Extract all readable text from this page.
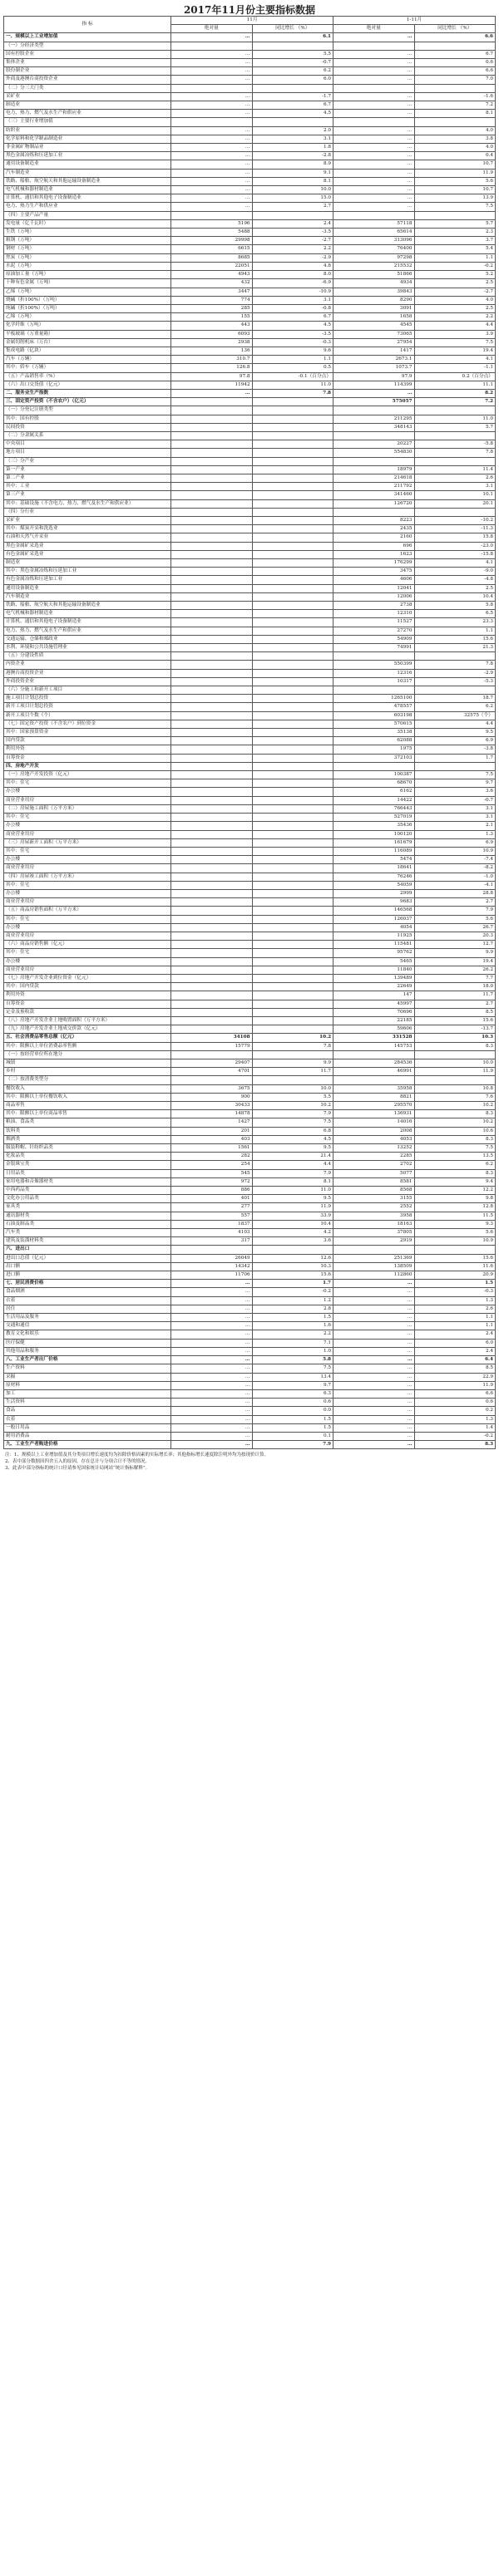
2017年11月份主要指标数据
指 标	11月		1-11月	
	绝对量	同比增长 （%）	绝对量	同比增长 （%）
一、规模以上工业增加值	…	6.1	…	6.6
（一）分经济类型				
国有控股企业	…	5.5	…	6.7
集体企业	…	-0.7	…	0.6
股份制企业	…	6.2	…	6.6
外商及港澳台商投资企业	…	6.0	…	7.0
（二）分三大门类				
采矿业	…	-1.7	…	-1.6
制造业	…	6.7	…	7.2
电力、热力、燃气及水生产和供应业	…	4.5	…	8.1
（三）主要行业增加值				
纺织业	…	2.0	…	4.0
化学原料和化学制品制造业	…	3.1	…	3.8
非金属矿物制品业	…	1.8	…	4.0
黑色金属冶炼和压延加工业	…	-2.8	…	0.4
通用设备制造业	…	8.9	…	10.7
汽车制造业	…	9.1	…	11.9
铁路、船舶、航空航天和其他运输设备制造业	…	8.1	…	5.6
电气机械和器材制造业	…	10.0	…	10.7
计算机、通信和其他电子设备制造业	…	15.0	…	13.9
电力、热力生产和供应业	…	2.7	…	7.5
（四）主要产品产量				
发电量（亿千瓦时）	5196	2.4	57118	5.7
生铁（万吨）	5488	-3.5	65614	2.3
粗钢（万吨）	29998	-2.7	313096	3.7
钢材（万吨）	6615	2.2	76400	5.4
焦炭（万吨）	8685	-2.9	97298	1.1
水泥（万吨）	22051	4.8	215532	-0.2
原油加工量（万吨）	4943	8.0	51866	5.2
十种有色金属（万吨）	432	-6.9	4934	2.5
乙烯（万吨）	3447	-10.9	39843	-2.7
烧碱（折100%）（万吨）	774	3.1	8290	4.0
纯碱（折100%）（万吨）	285	-0.8	3091	2.5
乙烯（万吨）	155	6.7	1658	2.2
化学纤维（万吨）	443	4.5	4545	4.4
平板玻璃（万重量箱）	6093	-3.5	73065	3.9
金属切削机床（万台）	2938	-0.3	27954	7.5
集成电路（亿块）	136	9.6	1417	19.4
汽车（万辆）	310.7	1.1	2673.1	4.1
其中：轿车（万辆）	126.8	0.5	1073.7	-1.1
（五）产品销售率（%）	97.8	-0.1（百分点）	97.9	0.2（百分点）
（六）出口交货值（亿元）	11942	11.0	114399	11.1
二、服务业生产指数	…	7.8	…	8.2
三、固定资产投资（不含农户）（亿元）			575057	7.2
（一）分登记注册类型				
其中：国有控股			211295	11.0
民间投资			348143	5.7
（二）分隶属关系				
中央项目			20227	-5.8
地方项目			554830	7.8
（三）分产业				
第一产业			18979	11.4
第二产业			214618	2.6
其中：工业			211792	3.1
第三产业			341460	10.1
其中：基础设施（不含电力、热力、燃气及水生产和供应业）			126720	20.1
（四）分行业				
采矿业			8223	-10.2
其中：煤炭开采和洗选业			2435	-11.3
石油和天然气开采业			2160	15.8
黑色金属矿采选业			696	-23.0
有色金属矿采选业			1623	-15.8
制造业			176299	4.1
其中：黑色金属冶炼和压延加工业			3475	-9.0
有色金属冶炼和压延加工业			4606	-4.8
通用设备制造业			12041	2.5
汽车制造业			12006	10.4
铁路、船舶、航空航天和其他运输设备制造业			2738	5.8
电气机械和器材制造业			12310	6.5
计算机、通信和其他电子设备制造业			11527	23.3
电力、热力、燃气及水生产和供应业			27270	1.1
交通运输、仓储和邮政业			54909	15.6
水利、环境和公共设施管理业			74991	21.3
（五）分建设性质				
内资企业			550399	7.8
港澳台商投资企业			12316	-2.9
外商投资企业			10317	-5.3
（六）分施工和新开工项目				
施工项目计划总投资			1265100	18.7
新开工项目计划总投资			478557	6.2
新开工项目个数（个）			603198	32575（个）
（七）固定资产投资（不含农户）到位资金			570615	4.4
其中：国家预算资金			35138	9.5
国内贷款			62088	6.9
利用外资			1975	-3.8
自筹资金			372103	1.7
四、房地产开发				
（一）房地产开发投资（亿元）			100387	7.5
其中：住宅			68670	9.7
办公楼			6162	3.6
商业营业用房			14422	-0.7
（二）房屋施工面积（万平方米）			766443	3.1
其中：住宅			527019	3.1
办公楼			35436	2.1
商业营业用房			100120	1.3
（三）房屋新开工面积（万平方米）			161679	6.9
其中：住宅			116089	10.9
办公楼			5474	-7.4
商业营业用房			18641	-8.2
（四）房屋竣工面积（万平方米）			76246	-1.0
其中：住宅			54059	-4.1
办公楼			2999	28.8
商业营业用房			9683	2.7
（五）商品房销售面积（万平方米）			146568	7.9
其中：住宅			126037	5.6
办公楼			4054	26.7
商业营业用房			11925	20.3
（六）商品房销售额（亿元）			115481	12.7
其中：住宅			95762	9.9
办公楼			5465	19.4
商业营业用房			11840	26.2
（七）房地产开发企业到位资金（亿元）			139489	7.7
其中：国内贷款			22649	18.0
利用外资			147	11.7
自筹资金			45997	2.7
定金及预收款			70696	8.5
（八）房地产开发企业土地购置面积（万平方米）			22185	15.6
（九）房地产开发企业土地成交价款（亿元）			59606	-13.7
五、社会消费品零售总额（亿元）	34108	10.2	331528	10.3
其中：限额以上单位消费品零售额	15779	7.8	145753	8.3
（一）按经营单位所在地分				
城镇	29407	9.9	284536	10.0
乡村	4701	11.7	46991	11.9
（二）按消费类型分				
餐饮收入	3675	10.0	35958	10.8
其中：限额以上单位餐饮收入	900	5.5	8821	7.6
商品零售	30433	10.2	295570	10.2
其中：限额以上单位商品零售	14878	7.9	136931	8.3
粮油、食品类	1427	7.5	14016	10.2
饮料类	201	6.8	2008	10.6
烟酒类	403	4.5	4053	8.3
服装鞋帽、针纺织品类	1561	9.5	13252	7.5
化妆品类	282	21.4	2285	13.5
金银珠宝类	254	4.4	2702	6.2
日用品类	545	7.9	5077	8.3
家用电器和音像器材类	972	8.1	8581	9.4
中西药品类	886	11.0	8568	12.2
文化办公用品类	401	9.5	3155	9.8
家具类	277	11.9	2552	12.8
通讯器材类	557	33.9	3958	11.5
石油及制品类	1837	10.4	18163	9.3
汽车类	4103	4.2	37805	5.6
建筑及装潢材料类	317	3.6	2919	10.9
六、进出口				
进出口总值（亿元）	26049	12.6	251369	15.6
出口额	14342	10.3	138509	11.6
进口额	11706	15.6	112860	20.9
七、居民消费价格	…	1.7	…	1.5
食品烟酒	…	-0.2	…	-0.3
衣着	…	1.2	…	1.3
居住	…	2.8	…	2.6
生活用品及服务	…	1.5	…	1.1
交通和通信	…	1.6	…	1.1
教育文化和娱乐	…	2.2	…	2.4
医疗保健	…	7.1	…	6.0
其他用品和服务	…	1.0	…	2.4
八、工业生产者出厂价格	…	5.8	…	6.4
生产资料	…	7.5	…	8.5
采掘	…	13.4	…	22.9
原材料	…	9.7	…	11.9
加工	…	6.3	…	6.6
生活资料	…	0.6	…	0.6
食品	…	0.0	…	0.2
衣着	…	1.5	…	1.3
一般日用品	…	1.5	…	1.4
耐用消费品	…	0.1	…	-0.2
九、工业生产者购进价格	…	7.9	…	8.3
注：1、规模以上工业增加值及其分类项目增长速度均为扣除价格因素的实际增长率；其他指标增长速度除注明外均为按现价计算。
2、表中部分数据因四舍五入的原因，存在总计与分项合计不等的情况。
3、此表中部分指标的统计口径请参见国家统计局网站“统计指标解释”。
